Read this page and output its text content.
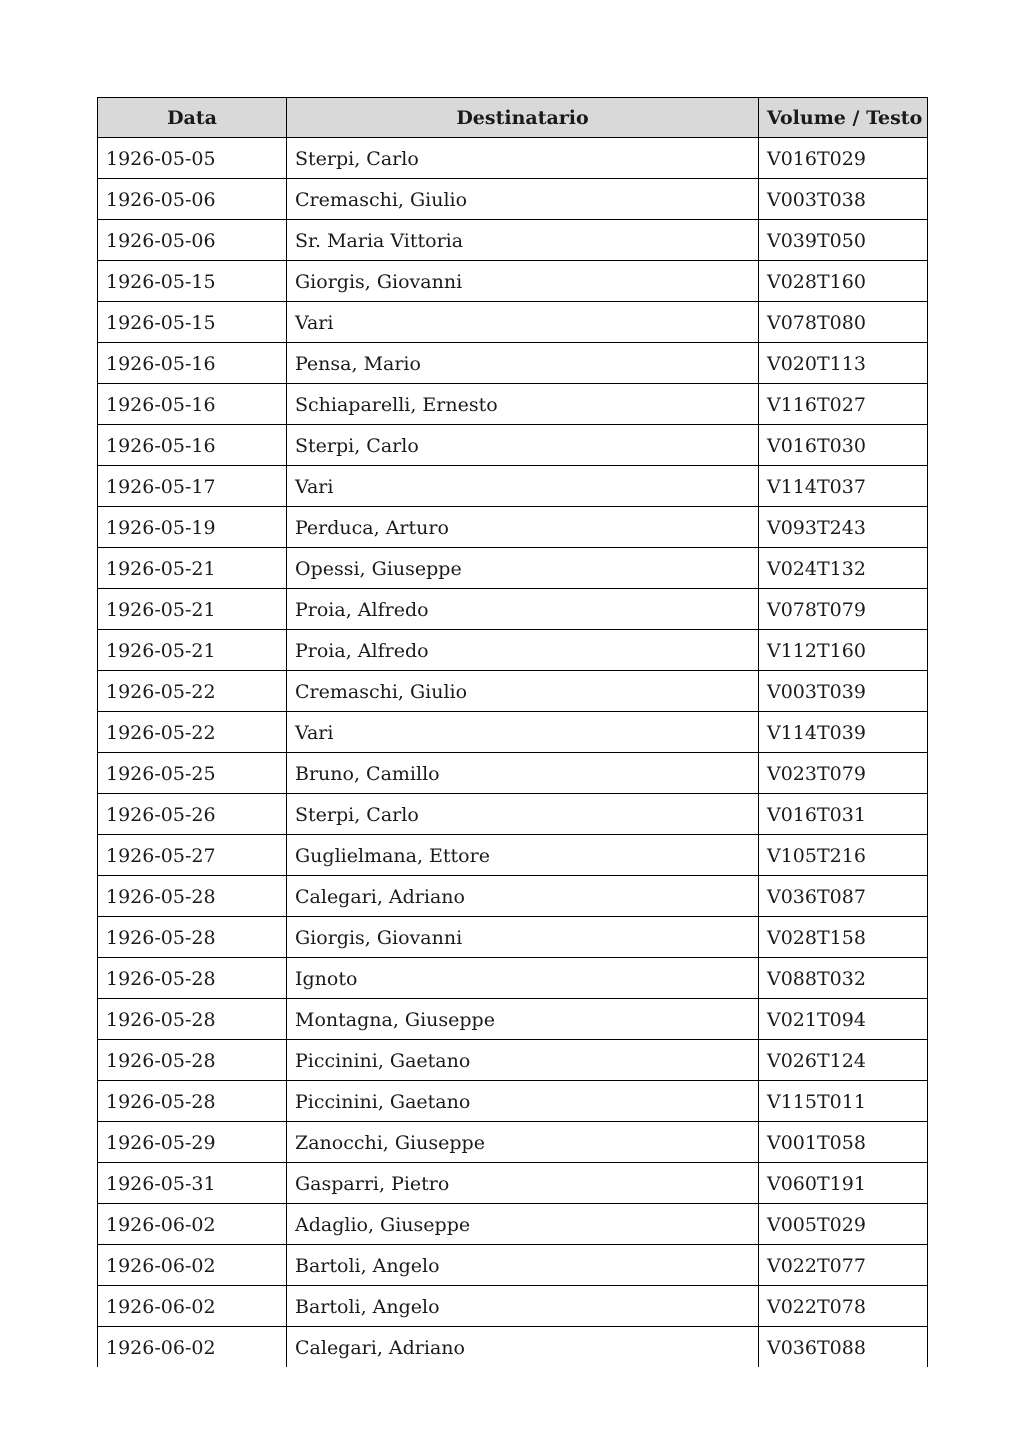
Data	Destinatario	Volume / Testo
1926-05-05	Sterpi, Carlo	V016T029
1926-05-06	Cremaschi, Giulio	V003T038
1926-05-06	Sr. Maria Vittoria	V039T050
1926-05-15	Giorgis, Giovanni	V028T160
1926-05-15	Vari	V078T080
1926-05-16	Pensa, Mario	V020T113
1926-05-16	Schiaparelli, Ernesto	V116T027
1926-05-16	Sterpi, Carlo	V016T030
1926-05-17	Vari	V114T037
1926-05-19	Perduca, Arturo	V093T243
1926-05-21	Opessi, Giuseppe	V024T132
1926-05-21	Proia, Alfredo	V078T079
1926-05-21	Proia, Alfredo	V112T160
1926-05-22	Cremaschi, Giulio	V003T039
1926-05-22	Vari	V114T039
1926-05-25	Bruno, Camillo	V023T079
1926-05-26	Sterpi, Carlo	V016T031
1926-05-27	Guglielmana, Ettore	V105T216
1926-05-28	Calegari, Adriano	V036T087
1926-05-28	Giorgis, Giovanni	V028T158
1926-05-28	Ignoto	V088T032
1926-05-28	Montagna, Giuseppe	V021T094
1926-05-28	Piccinini, Gaetano	V026T124
1926-05-28	Piccinini, Gaetano	V115T011
1926-05-29	Zanocchi, Giuseppe	V001T058
1926-05-31	Gasparri, Pietro	V060T191
1926-06-02	Adaglio, Giuseppe	V005T029
1926-06-02	Bartoli, Angelo	V022T077
1926-06-02	Bartoli, Angelo	V022T078
1926-06-02	Calegari, Adriano	V036T088
